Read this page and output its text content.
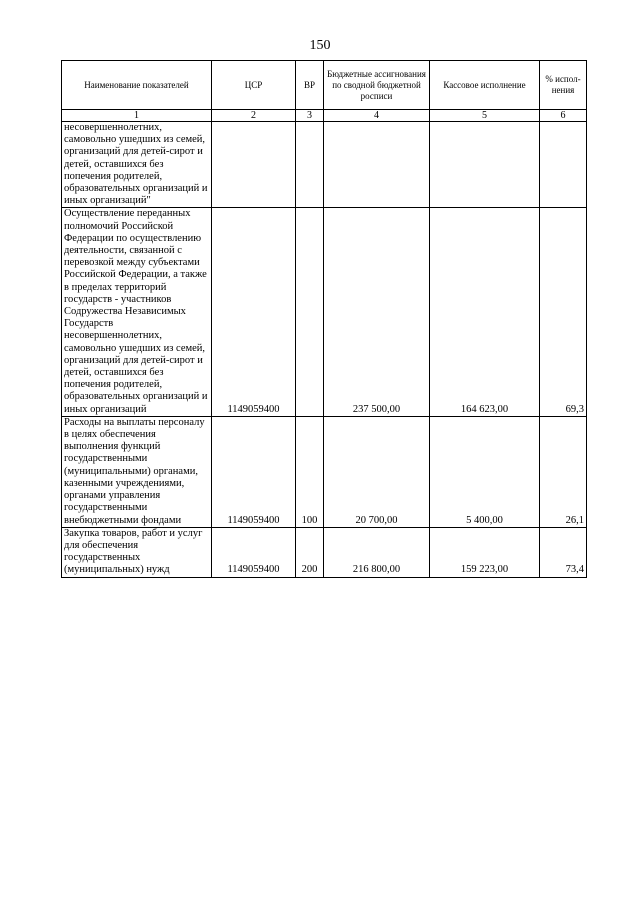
150
Наименование показателей	ЦСР	ВР	Бюджетные ассигнования по сводной бюджетной росписи	Кассовое исполнение	% испол-нения
1	2	3	4	5	6
несовершеннолетних, самовольно ушедших из семей, организаций для детей-сирот и детей, оставшихся без попечения родителей, образовательных организаций и иных организаций"					
Осуществление переданных полномочий Российской Федерации по осуществлению деятельности, связанной с перевозкой между субъектами Российской Федерации, а также в пределах территорий государств - участников Содружества Независимых Государств несовершеннолетних, самовольно ушедших из семей, организаций для детей-сирот и детей, оставшихся без попечения родителей, образовательных организаций и иных организаций	1149059400		237 500,00	164 623,00	69,3
Расходы на выплаты персоналу в целях обеспечения выполнения функций государственными (муниципальными) органами, казенными учреждениями, органами управления государственными внебюджетными фондами	1149059400	100	20 700,00	5 400,00	26,1
Закупка товаров, работ и услуг для обеспечения государственных (муниципальных) нужд	1149059400	200	216 800,00	159 223,00	73,4
